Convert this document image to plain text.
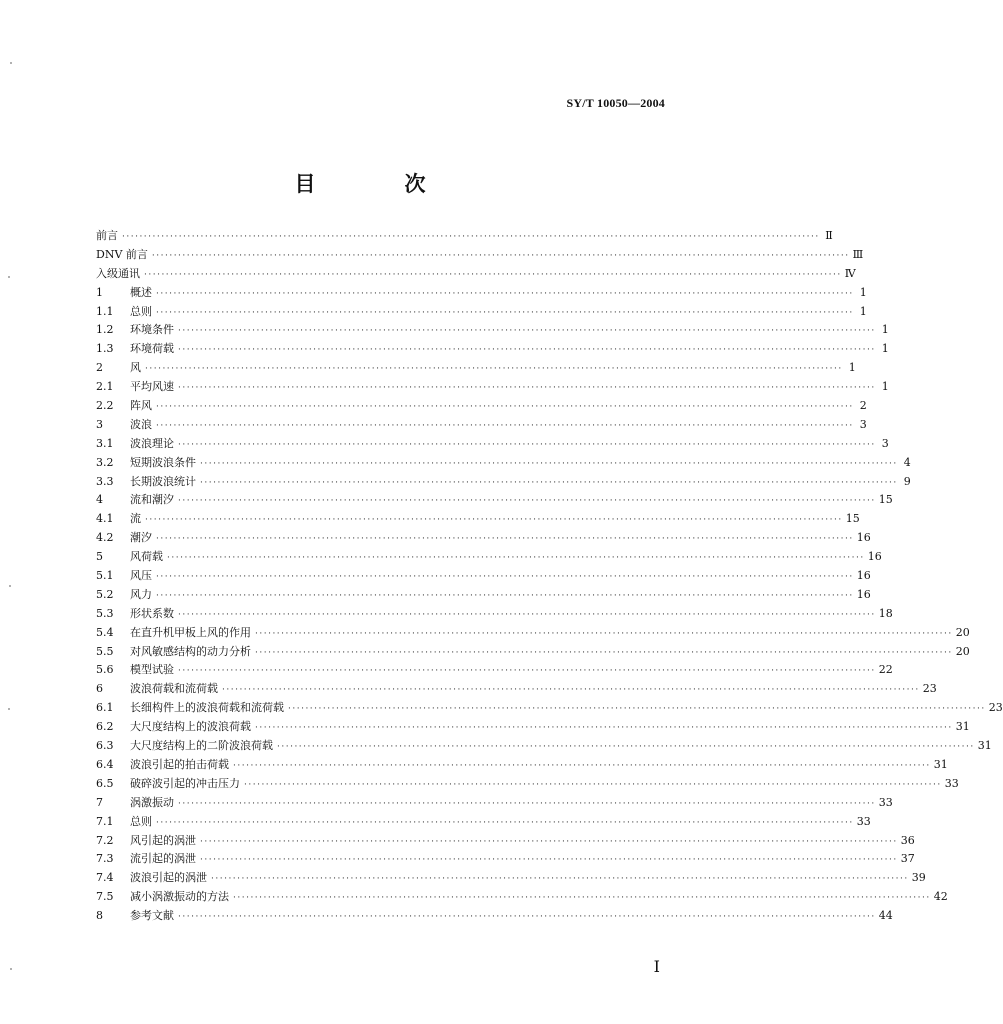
SY/T 10050—2004
目　次
前言 ································································································································································ Ⅱ
DNV 前言 ································································································································································ Ⅲ
入级通讯 ································································································································································ Ⅳ
1	概述 ································································································································································ 1
1.1	总则 ································································································································································ 1
1.2	环境条件 ································································································································································ 1
1.3	环境荷载 ································································································································································ 1
2	风 ································································································································································ 1
2.1	平均风速 ································································································································································ 1
2.2	阵风 ································································································································································ 2
3	波浪 ································································································································································ 3
3.1	波浪理论 ································································································································································ 3
3.2	短期波浪条件 ································································································································································ 4
3.3	长期波浪统计 ································································································································································ 9
4	流和潮汐 ································································································································································ 15
4.1	流 ································································································································································ 15
4.2	潮汐 ································································································································································ 16
5	风荷载 ································································································································································ 16
5.1	风压 ································································································································································ 16
5.2	风力 ································································································································································ 16
5.3	形状系数 ································································································································································ 18
5.4	在直升机甲板上风的作用 ································································································································································ 20
5.5	对风敏感结构的动力分析 ································································································································································ 20
5.6	模型试验 ································································································································································ 22
6	波浪荷载和流荷载 ································································································································································ 23
6.1	长细构件上的波浪荷载和流荷载 ································································································································································ 23
6.2	大尺度结构上的波浪荷载 ································································································································································ 31
6.3	大尺度结构上的二阶波浪荷载 ································································································································································ 31
6.4	波浪引起的拍击荷载 ································································································································································ 31
6.5	破碎波引起的冲击压力 ································································································································································ 33
7	涡激振动 ································································································································································ 33
7.1	总则 ································································································································································ 33
7.2	风引起的涡泄 ································································································································································ 36
7.3	流引起的涡泄 ································································································································································ 37
7.4	波浪引起的涡泄 ································································································································································ 39
7.5	减小涡激振动的方法 ································································································································································ 42
8	参考文献 ································································································································································ 44
I
